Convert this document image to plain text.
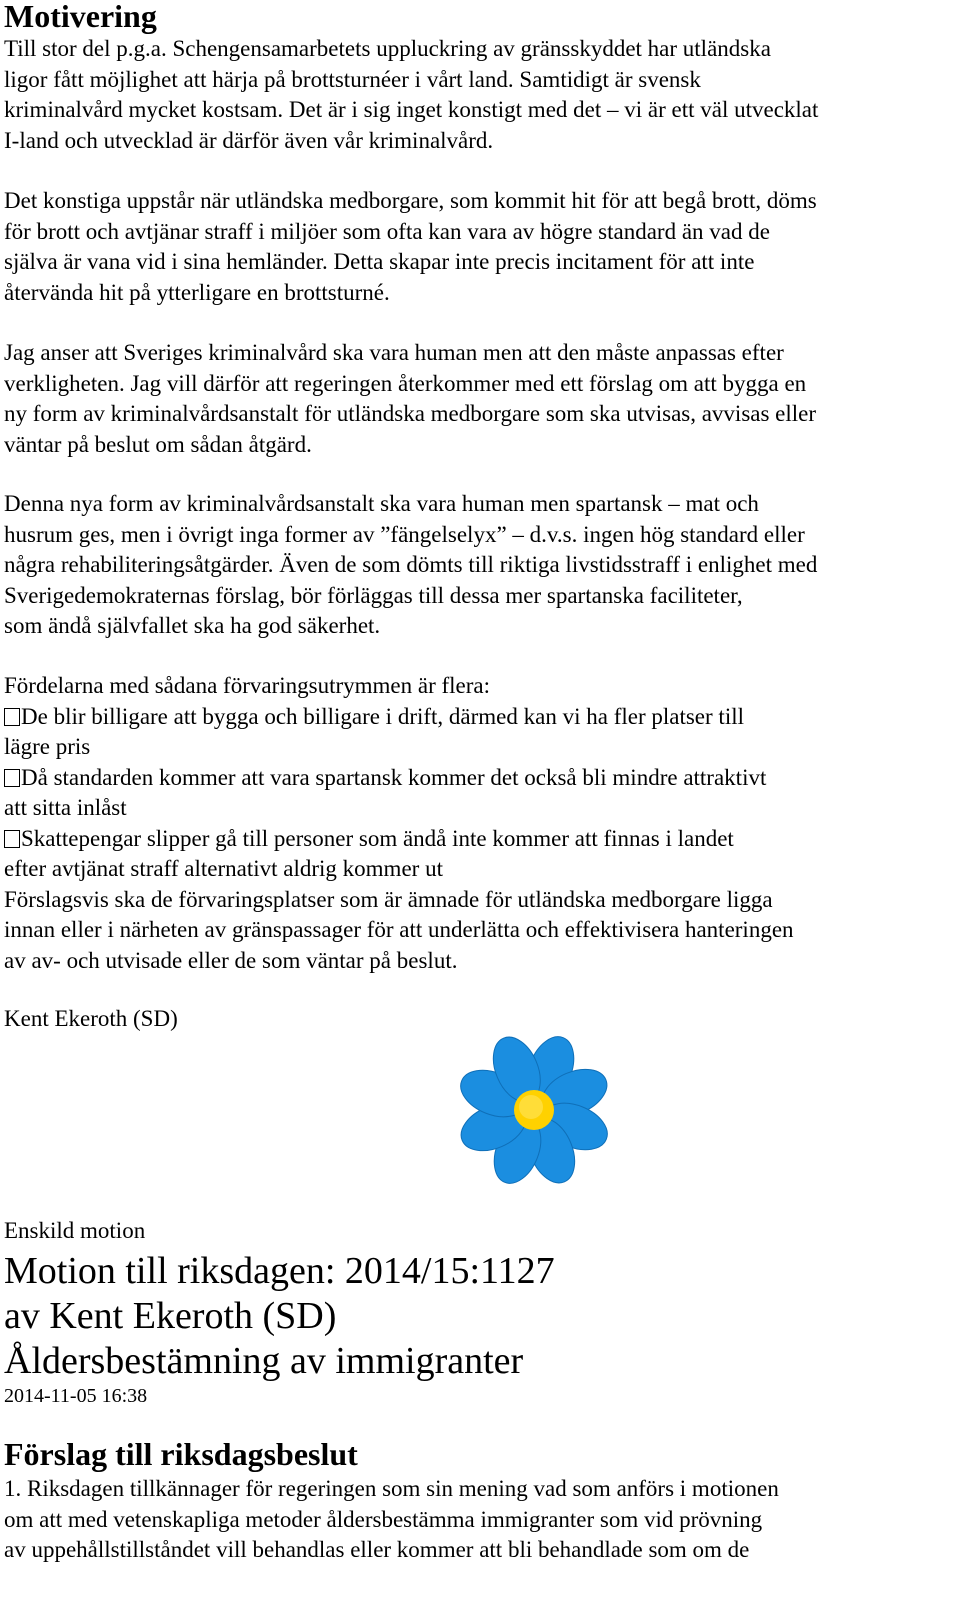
Motivering

Till stor del p.g.a. Schengensamarbetets uppluckring av gränsskyddet har utländska
ligor fått möjlighet att härja på brottsturnéer i vårt land. Samtidigt är svensk
kriminalvård mycket kostsam. Det är i sig inget konstigt med det – vi är ett väl utvecklat
I-land och utvecklad är därför även vår kriminalvård.

Det konstiga uppstår när utländska medborgare, som kommit hit för att begå brott, döms
för brott och avtjänar straff i miljöer som ofta kan vara av högre standard än vad de
själva är vana vid i sina hemländer. Detta skapar inte precis incitament för att inte
återvända hit på ytterligare en brottsturné.

Jag anser att Sveriges kriminalvård ska vara human men att den måste anpassas efter
verkligheten. Jag vill därför att regeringen återkommer med ett förslag om att bygga en
ny form av kriminalvårdsanstalt för utländska medborgare som ska utvisas, avvisas eller
väntar på beslut om sådan åtgärd.

Denna nya form av kriminalvårdsanstalt ska vara human men spartansk – mat och
husrum ges, men i övrigt inga former av ”fängelselyx” – d.v.s. ingen hög standard eller
några rehabiliteringsåtgärder. Även de som dömts till riktiga livstidsstraff i enlighet med
Sverigedemokraternas förslag, bör förläggas till dessa mer spartanska faciliteter,
som ändå självfallet ska ha god säkerhet.

Fördelarna med sådana förvaringsutrymmen är flera:
De blir billigare att bygga och billigare i drift, därmed kan vi ha fler platser till
lägre pris
Då standarden kommer att vara spartansk kommer det också bli mindre attraktivt
att sitta inlåst
Skattepengar slipper gå till personer som ändå inte kommer att finnas i landet
efter avtjänat straff alternativt aldrig kommer ut
Förslagsvis ska de förvaringsplatser som är ämnade för utländska medborgare ligga
innan eller i närheten av gränspassager för att underlätta och effektivisera hanteringen
av av- och utvisade eller de som väntar på beslut.

Kent Ekeroth (SD)

Enskild motion

Motion till riksdagen: 2014/15:1127

av Kent Ekeroth (SD)

Åldersbestämning av immigranter

2014-11-05 16:38
Förslag till riksdagsbeslut

1. Riksdagen tillkännager för regeringen som sin mening vad som anförs i motionen
om att med vetenskapliga metoder åldersbestämma immigranter som vid prövning
av uppehållstillståndet vill behandlas eller kommer att bli behandlade som om de
